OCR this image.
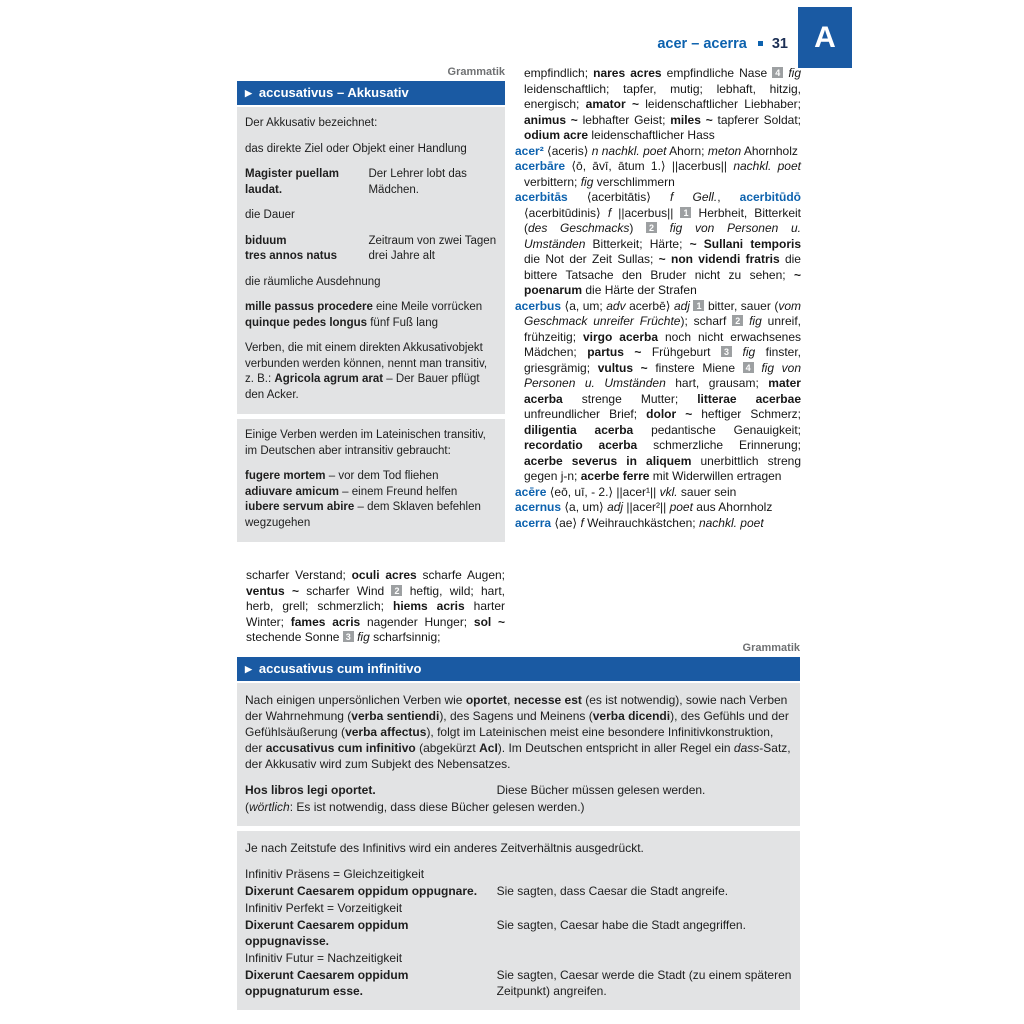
acer – acerra 31 A
Grammatik
▶ accusativus – Akkusativ
Der Akkusativ bezeichnet:
das direkte Ziel oder Objekt einer Handlung
Magister puellam laudat.
Der Lehrer lobt das Mädchen.
die Dauer
biduum
tres annos natus
Zeitraum von zwei Tagen
drei Jahre alt
die räumliche Ausdehnung
mille passus procedere eine Meile vorrücken
quinque pedes longus fünf Fuß lang
Verben, die mit einem direkten Akkusativobjekt verbunden werden können, nennt man transitiv, z. B.: Agricola agrum arat – Der Bauer pflügt den Acker.
Einige Verben werden im Lateinischen transitiv, im Deutschen aber intransitiv gebraucht:
fugere mortem – vor dem Tod fliehen
adiuvare amicum – einem Freund helfen
iubere servum abire – dem Sklaven befehlen wegzugehen
scharfer Verstand; oculi acres scharfe Augen; ventus ~ scharfer Wind 2 heftig, wild; hart, herb, grell; schmerzlich; hiems acris harter Winter; fames acris nagender Hunger; sol ~ stechende Sonne 3 fig scharfsinnig;

empfindlich; nares acres empfindliche Nase 4 fig leidenschaftlich; tapfer, mutig; lebhaft, hitzig, energisch; amator ~ leidenschaftlicher Liebhaber; animus ~ lebhafter Geist; miles ~ tapferer Soldat; odium acre leidenschaftlicher Hass

acer² ⟨aceris⟩ n nachkl. poet Ahorn; meton Ahornholz

acerbāre ⟨ō, āvī, ātum 1.⟩ ||acerbus|| nachkl. poet verbittern; fig verschlimmern

acerbitās ⟨acerbitātis⟩ f Gell., acerbitūdō ⟨acerbitūdinis⟩ f ||acerbus|| 1 Herbheit, Bitterkeit (des Geschmacks) 2 fig von Personen u. Umständen Bitterkeit; Härte; ~ Sullani temporis die Not der Zeit Sullas; ~ non videndi fratris die bittere Tatsache den Bruder nicht zu sehen; ~ poenarum die Härte der Strafen

acerbus ⟨a, um; adv acerbē⟩ adj 1 bitter, sauer (vom Geschmack unreifer Früchte); scharf 2 fig unreif, frühzeitig; virgo acerba noch nicht erwachsenes Mädchen; partus ~ Frühgeburt 3 fig finster, griesgrämig; vultus ~ finstere Miene 4 fig von Personen u. Umständen hart, grausam; mater acerba strenge Mutter; litterae acerbae unfreundlicher Brief; dolor ~ heftiger Schmerz; diligentia acerba pedantische Genauigkeit; recordatio acerba schmerzliche Erinnerung; acerbe severus in aliquem unerbittlich streng gegen j-n; acerbe ferre mit Widerwillen ertragen

acēre ⟨eō, uī, - 2.⟩ ||acer¹|| vkl. sauer sein

acernus ⟨a, um⟩ adj ||acer²|| poet aus Ahornholz

acerra ⟨ae⟩ f Weihrauchkästchen; nachkl. poet

Grammatik
▶ accusativus cum infinitivo
Nach einigen unpersönlichen Verben wie oportet, necesse est (es ist notwendig), sowie nach Verben der Wahrnehmung (verba sentiendi), des Sagens und Meinens (verba dicendi), des Gefühls und der Gefühlsäußerung (verba affectus), folgt im Lateinischen meist eine besondere Infinitivkonstruktion, der accusativus cum infinitivo (abgekürzt AcI). Im Deutschen entspricht in aller Regel ein dass-Satz, der Akkusativ wird zum Subjekt des Nebensatzes.
Hos libros legi oportet.	Diese Bücher müssen gelesen werden.
(wörtlich: Es ist notwendig, dass diese Bücher gelesen werden.)
Je nach Zeitstufe des Infinitivs wird ein anderes Zeitverhältnis ausgedrückt.
Infinitiv Präsens = Gleichzeitigkeit
Dixerunt Caesarem oppidum oppugnare.	Sie sagten, dass Caesar die Stadt angreife.
Infinitiv Perfekt = Vorzeitigkeit
Dixerunt Caesarem oppidum oppugnavisse.
Sie sagten, Caesar habe die Stadt angegriffen.
Infinitiv Futur = Nachzeitigkeit
Dixerunt Caesarem oppidum oppugnaturum esse.
Sie sagten, Caesar werde die Stadt (zu einem späteren Zeitpunkt) angreifen.
